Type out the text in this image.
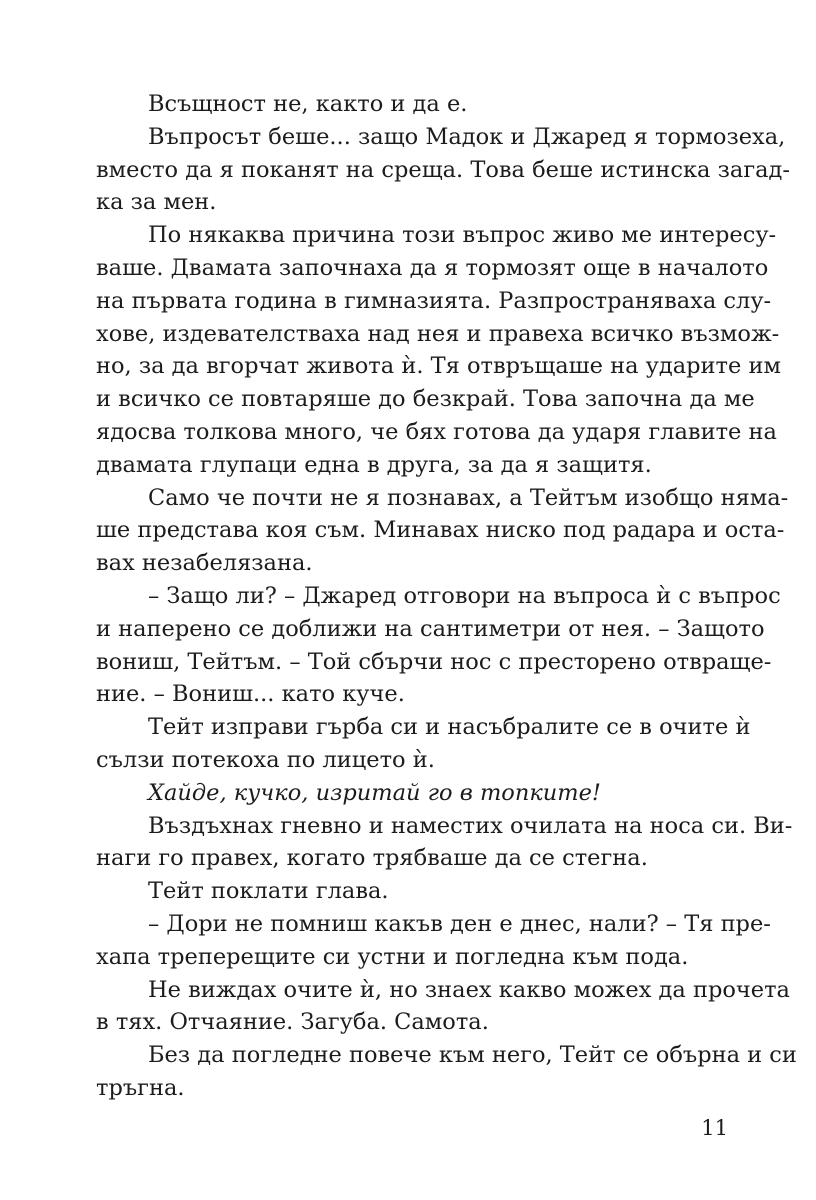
Всъщност не, както и да е.
Въпросът беше... защо Мадок и Джаред я тормозеха,
вместо да я поканят на среща. Това беше истинска загад-
ка за мен.
По някаква причина този въпрос живо ме интересу-
ваше. Двамата започнаха да я тормозят още в началото
на първата година в гимназията. Разпространяваха слу-
хове, издевателстваха над нея и правеха всичко възмож-
но, за да вгорчат живота ѝ. Тя отвръщаше на ударите им
и всичко се повтаряше до безкрай. Това започна да ме
ядосва толкова много, че бях готова да ударя главите на
двамата глупаци една в друга, за да я защитя.
Само че почти не я познавах, а Тейтъм изобщо няма-
ше представа коя съм. Минавах ниско под радара и оста-
вах незабелязана.
– Защо ли? – Джаред отговори на въпроса ѝ с въпрос
и наперено се доближи на сантиметри от нея. – Защото
вониш, Тейтъм. – Той сбърчи нос с престорено отвраще-
ние. – Вониш... като куче.
Тейт изправи гърба си и насъбралите се в очите ѝ
сълзи потекоха по лицето ѝ.
Хайде, кучко, изритай го в топките!
Въздъхнах гневно и наместих очилата на носа си. Ви-
наги го правех, когато трябваше да се стегна.
Тейт поклати глава.
– Дори не помниш какъв ден е днес, нали? – Тя пре-
хапа треперещите си устни и погледна към пода.
Не виждах очите ѝ, но знаех какво можех да прочета
в тях. Отчаяние. Загуба. Самота.
Без да погледне повече към него, Тейт се обърна и си
тръгна.
11
